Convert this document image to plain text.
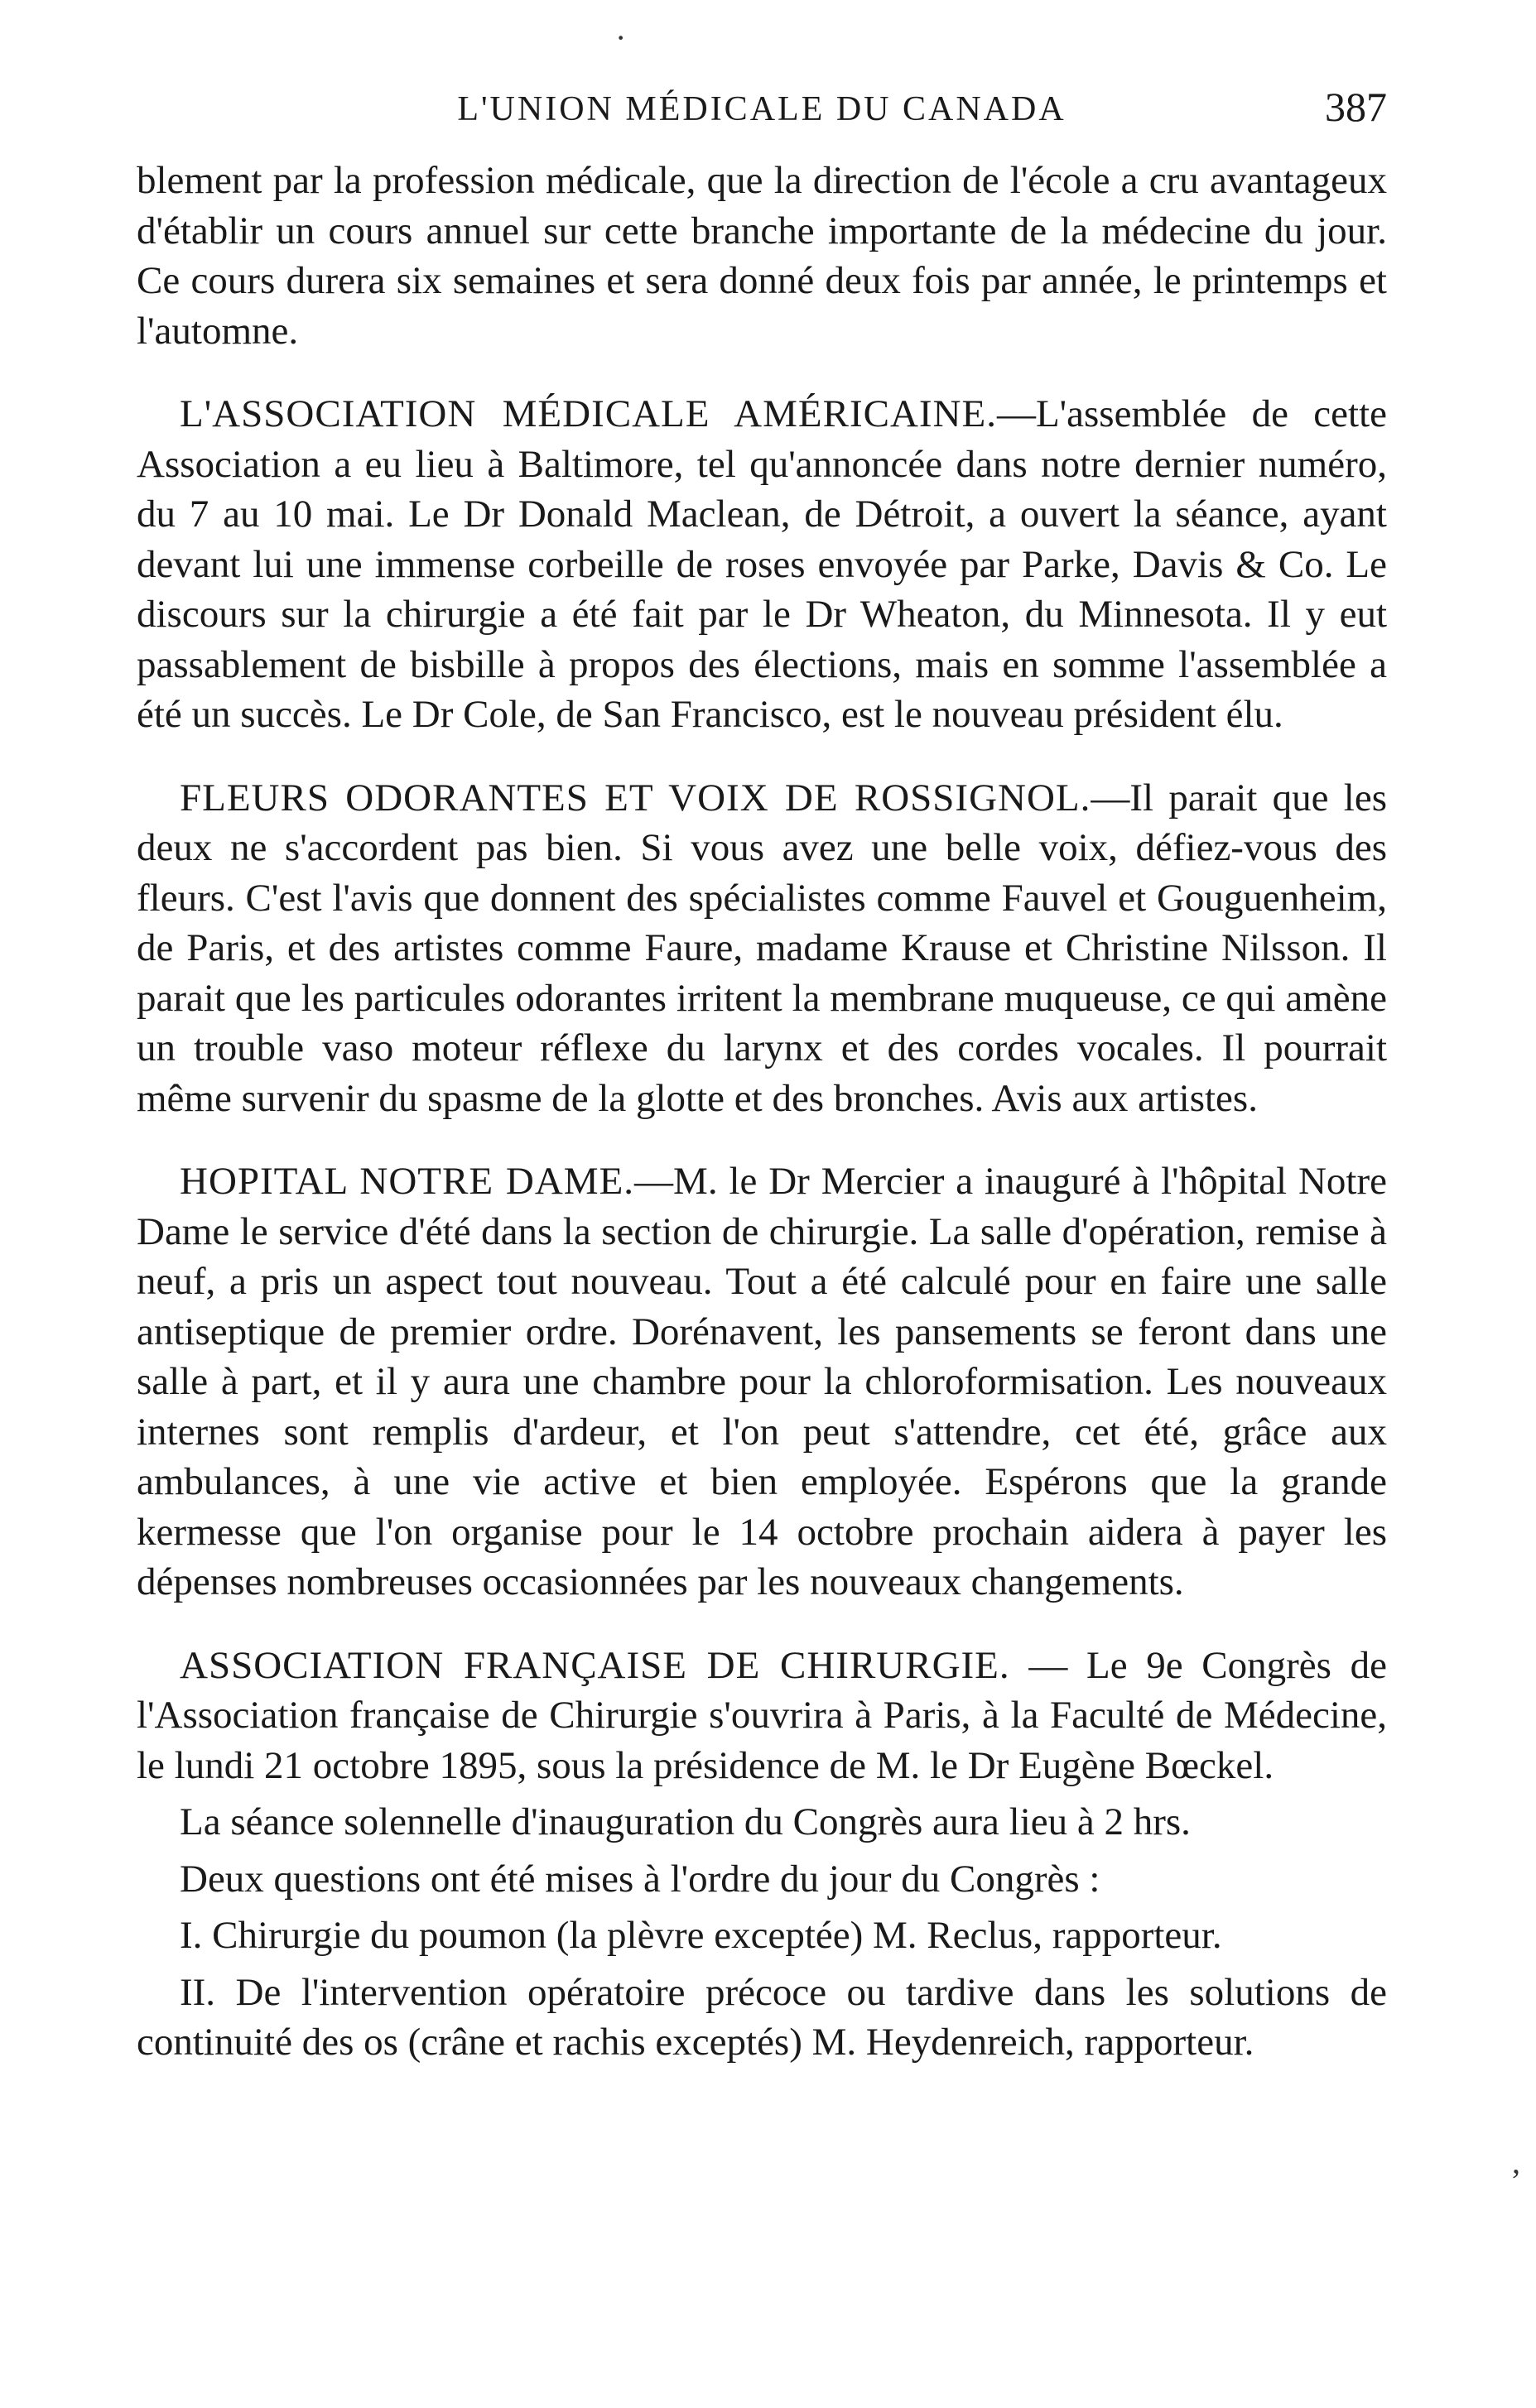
·
L'UNION MÉDICALE DU CANADA	387

blement par la profession médicale, que la direction de l'école a cru avantageux d'établir un cours annuel sur cette branche importante de la médecine du jour. Ce cours durera six semaines et sera donné deux fois par année, le printemps et l'automne.

L'ASSOCIATION MÉDICALE AMÉRICAINE.—L'assemblée de cette Association a eu lieu à Baltimore, tel qu'annoncée dans notre dernier numéro, du 7 au 10 mai. Le Dr Donald Maclean, de Détroit, a ouvert la séance, ayant devant lui une immense corbeille de roses envoyée par Parke, Davis & Co. Le discours sur la chirurgie a été fait par le Dr Wheaton, du Minnesota. Il y eut passablement de bisbille à propos des élections, mais en somme l'assemblée a été un succès. Le Dr Cole, de San Francisco, est le nouveau président élu.

FLEURS ODORANTES ET VOIX DE ROSSIGNOL.—Il parait que les deux ne s'accordent pas bien. Si vous avez une belle voix, défiez-vous des fleurs. C'est l'avis que donnent des spécialistes comme Fauvel et Gouguenheim, de Paris, et des artistes comme Faure, madame Krause et Christine Nilsson. Il parait que les particules odorantes irritent la membrane muqueuse, ce qui amène un trouble vaso moteur réflexe du larynx et des cordes vocales. Il pourrait même survenir du spasme de la glotte et des bronches. Avis aux artistes.

HOPITAL NOTRE DAME.—M. le Dr Mercier a inauguré à l'hôpital Notre Dame le service d'été dans la section de chirurgie. La salle d'opération, remise à neuf, a pris un aspect tout nouveau. Tout a été calculé pour en faire une salle antiseptique de premier ordre. Dorénavent, les pansements se feront dans une salle à part, et il y aura une chambre pour la chloroformisation. Les nouveaux internes sont remplis d'ardeur, et l'on peut s'attendre, cet été, grâce aux ambulances, à une vie active et bien employée. Espérons que la grande kermesse que l'on organise pour le 14 octobre prochain aidera à payer les dépenses nombreuses occasionnées par les nouveaux changements.

ASSOCIATION FRANÇAISE DE CHIRURGIE. — Le 9e Congrès de l'Association française de Chirurgie s'ouvrira à Paris, à la Faculté de Médecine, le lundi 21 octobre 1895, sous la présidence de M. le Dr Eugène Bœckel.

La séance solennelle d'inauguration du Congrès aura lieu à 2 hrs.

Deux questions ont été mises à l'ordre du jour du Congrès :

I. Chirurgie du poumon (la plèvre exceptée) M. Reclus, rapporteur.

II. De l'intervention opératoire précoce ou tardive dans les solutions de continuité des os (crâne et rachis exceptés) M. Heydenreich, rapporteur.

,
